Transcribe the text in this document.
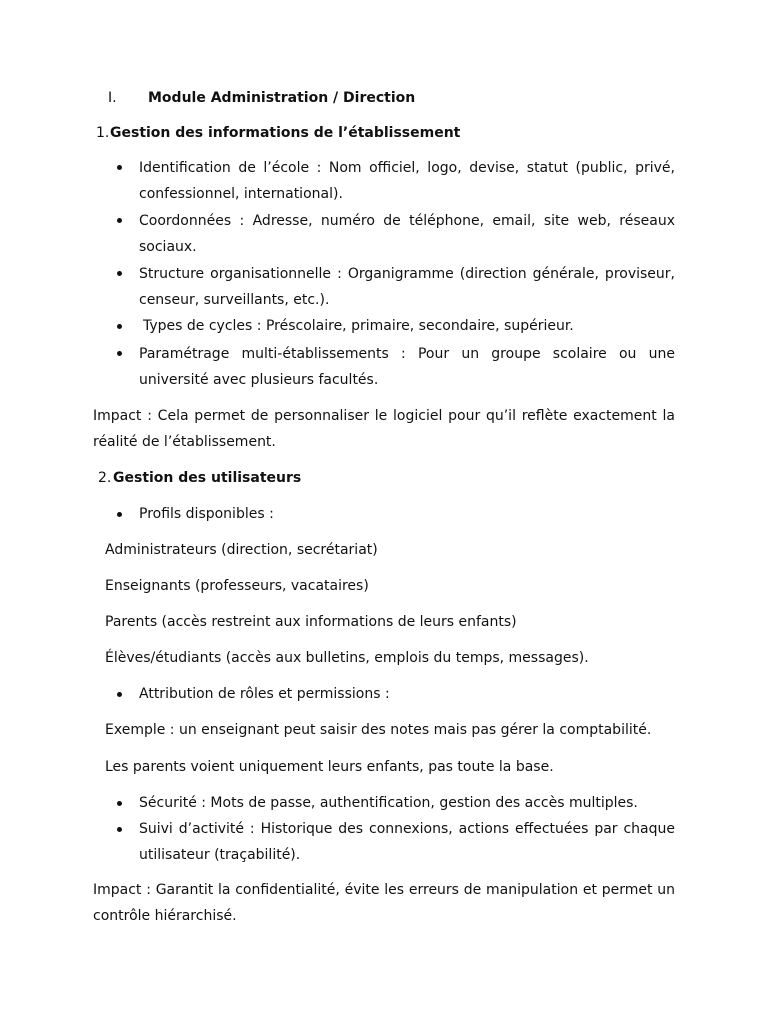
I. Module Administration / Direction
1. Gestion des informations de l’établissement
Identification de l’école : Nom officiel, logo, devise, statut (public, privé, confessionnel, international).
Coordonnées : Adresse, numéro de téléphone, email, site web, réseaux sociaux.
Structure organisationnelle : Organigramme (direction générale, proviseur, censeur, surveillants, etc.).
Types de cycles : Préscolaire, primaire, secondaire, supérieur.
Paramétrage multi-établissements : Pour un groupe scolaire ou une université avec plusieurs facultés.
Impact : Cela permet de personnaliser le logiciel pour qu’il reflète exactement la réalité de l’établissement.
2. Gestion des utilisateurs
Profils disponibles :
Administrateurs (direction, secrétariat)
Enseignants (professeurs, vacataires)
Parents (accès restreint aux informations de leurs enfants)
Élèves/étudiants (accès aux bulletins, emplois du temps, messages).
Attribution de rôles et permissions :
Exemple : un enseignant peut saisir des notes mais pas gérer la comptabilité.
Les parents voient uniquement leurs enfants, pas toute la base.
Sécurité : Mots de passe, authentification, gestion des accès multiples.
Suivi d’activité : Historique des connexions, actions effectuées par chaque utilisateur (traçabilité).
Impact : Garantit la confidentialité, évite les erreurs de manipulation et permet un contrôle hiérarchisé.
